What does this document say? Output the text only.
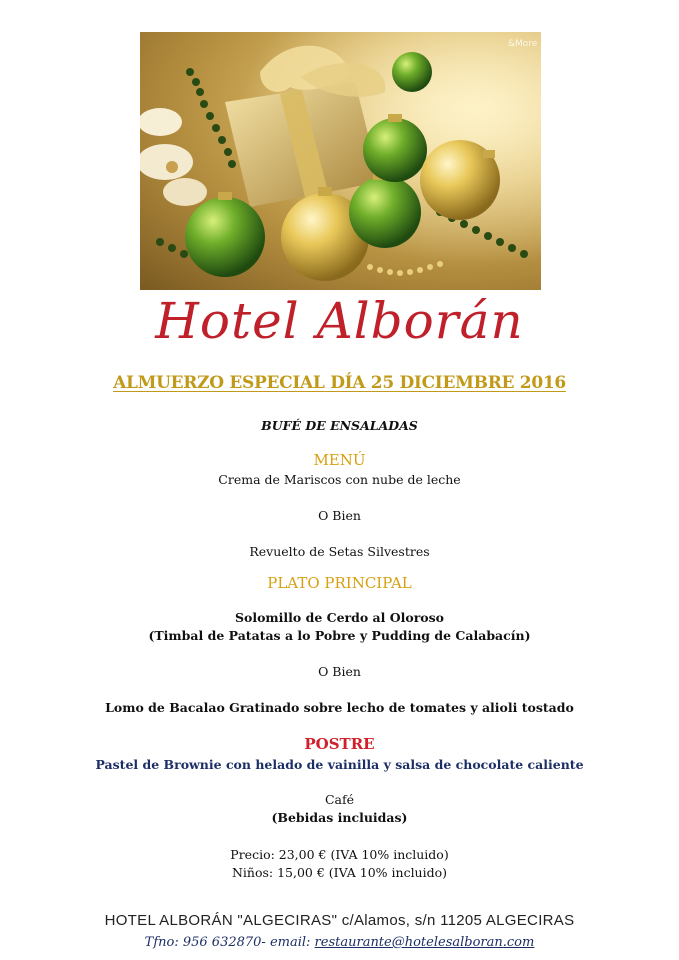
&More
Hotel Alborán
ALMUERZO ESPECIAL DÍA 25 DICIEMBRE 2016
BUFÉ DE ENSALADAS
MENÚ
Crema de Mariscos con nube de leche
O Bien
Revuelto de Setas Silvestres
PLATO PRINCIPAL
Solomillo de Cerdo al Oloroso
(Timbal de Patatas a lo Pobre y Pudding de Calabacín)
O Bien
Lomo de Bacalao Gratinado sobre lecho de tomates y alioli tostado
POSTRE
Pastel de Brownie con helado de vainilla y salsa de chocolate caliente
Café
(Bebidas incluidas)
Precio: 23,00 € (IVA 10% incluido)
Niños: 15,00 € (IVA 10% incluido)
HOTEL ALBORÁN "ALGECIRAS" c/Alamos, s/n 11205 ALGECIRAS
Tfno: 956 632870- email: restaurante@hotelesalboran.com
